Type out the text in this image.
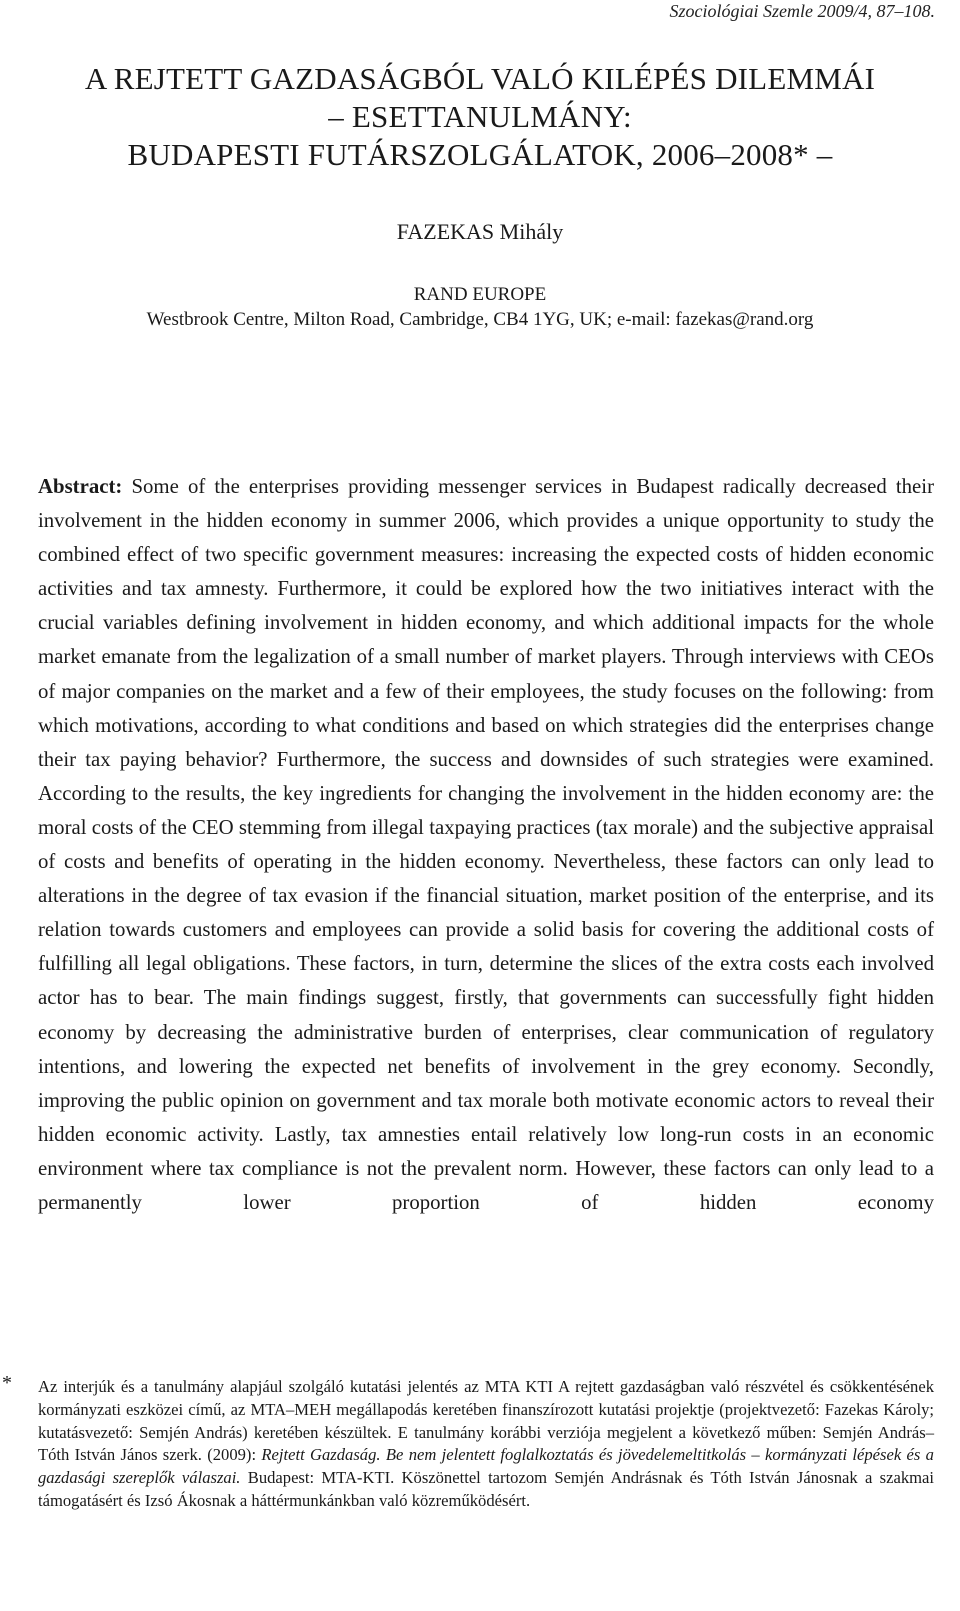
Szociológiai Szemle 2009/4, 87–108.
A REJTETT GAZDASÁGBÓL VALÓ KILÉPÉS DILEMMÁI
– ESETTANULMÁNY:
BUDAPESTI FUTÁRSZOLGÁLATOK, 2006–2008* –
FAZEKAS Mihály
RAND EUROPE
Westbrook Centre, Milton Road, Cambridge, CB4 1YG, UK; e-mail: fazekas@rand.org
Abstract: Some of the enterprises providing messenger services in Budapest radically decreased their involvement in the hidden economy in summer 2006, which provides a unique opportunity to study the combined effect of two specific government measures: increasing the expected costs of hidden economic activities and tax amnesty. Furthermore, it could be explored how the two initiatives interact with the crucial variables defining involvement in hidden economy, and which additional impacts for the whole market emanate from the legalization of a small number of market players. Through interviews with CEOs of major companies on the market and a few of their employees, the study focuses on the following: from which motivations, according to what conditions and based on which strategies did the enterprises change their tax paying behavior? Furthermore, the success and downsides of such strategies were examined. According to the results, the key ingredients for changing the involvement in the hidden economy are: the moral costs of the CEO stemming from illegal taxpaying practices (tax morale) and the subjective appraisal of costs and benefits of operating in the hidden economy. Nevertheless, these factors can only lead to alterations in the degree of tax evasion if the financial situation, market position of the enterprise, and its relation towards customers and employees can provide a solid basis for covering the additional costs of fulfilling all legal obligations. These factors, in turn, determine the slices of the extra costs each involved actor has to bear. The main findings suggest, firstly, that governments can successfully fight hidden economy by decreasing the administrative burden of enterprises, clear communication of regulatory intentions, and lowering the expected net benefits of involvement in the grey economy. Secondly, improving the public opinion on government and tax morale both motivate economic actors to reveal their hidden economic activity. Lastly, tax amnesties entail relatively low long-run costs in an economic environment where tax compliance is not the prevalent norm. However, these factors can only lead to a permanently lower proportion of hidden economy
* Az interjúk és a tanulmány alapjául szolgáló kutatási jelentés az MTA KTI A rejtett gazdaságban való részvétel és csökkentésének kormányzati eszközei című, az MTA–MEH megállapodás keretében finanszírozott kutatási projektje (projektvezető: Fazekas Károly; kutatásvezető: Semjén András) keretében készültek. E tanulmány korábbi verziója megjelent a következő műben: Semjén András–Tóth István János szerk. (2009): Rejtett Gazdaság. Be nem jelentett foglalkoztatás és jövedelemeltitkolás – kormányzati lépések és a gazdasági szereplők válaszai. Budapest: MTA-KTI. Köszönettel tartozom Semjén Andrásnak és Tóth István Jánosnak a szakmai támogatásért és Izsó Ákosnak a háttérmunkánkban való közreműködésért.
